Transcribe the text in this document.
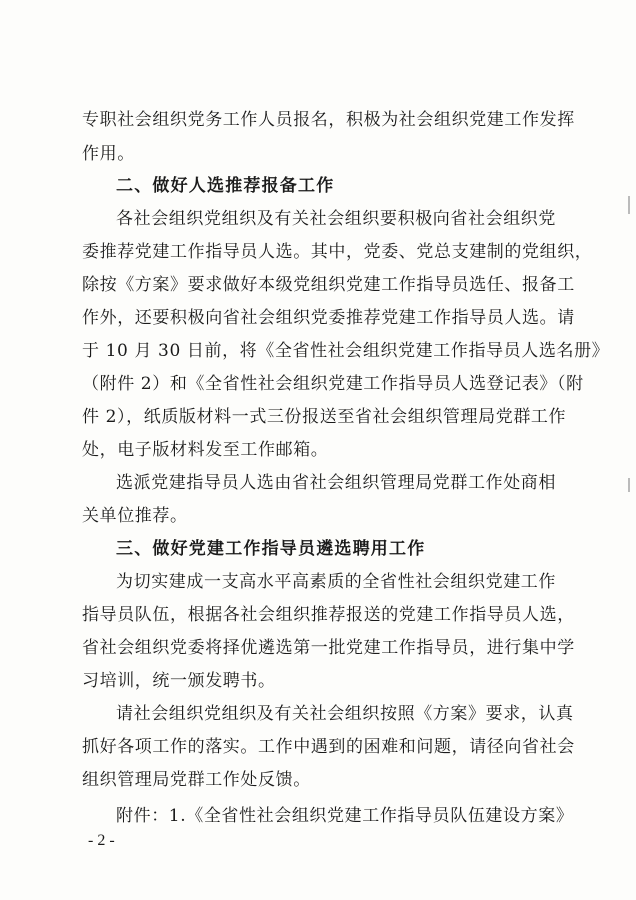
专职社会组织党务工作人员报名，积极为社会组织党建工作发挥
作用。
二、做好人选推荐报备工作
各社会组织党组织及有关社会组织要积极向省社会组织党
委推荐党建工作指导员人选。其中，党委、党总支建制的党组织，
除按《方案》要求做好本级党组织党建工作指导员选任、报备工
作外，还要积极向省社会组织党委推荐党建工作指导员人选。请
于 10 月 30 日前，将《全省性社会组织党建工作指导员人选名册》
（附件 2）和《全省性社会组织党建工作指导员人选登记表》（附
件 2），纸质版材料一式三份报送至省社会组织管理局党群工作
处，电子版材料发至工作邮箱。
选派党建指导员人选由省社会组织管理局党群工作处商相
关单位推荐。
三、做好党建工作指导员遴选聘用工作
为切实建成一支高水平高素质的全省性社会组织党建工作
指导员队伍，根据各社会组织推荐报送的党建工作指导员人选，
省社会组织党委将择优遴选第一批党建工作指导员，进行集中学
习培训，统一颁发聘书。
请社会组织党组织及有关社会组织按照《方案》要求，认真
抓好各项工作的落实。工作中遇到的困难和问题，请径向省社会
组织管理局党群工作处反馈。
附件：1.《全省性社会组织党建工作指导员队伍建设方案》
- 2 -
